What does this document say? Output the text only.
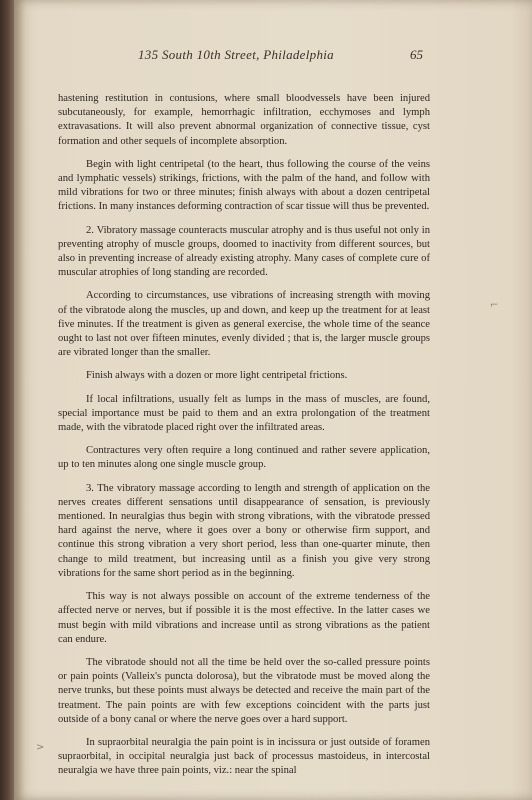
135 South 10th Street, Philadelphia	65

hastening restitution in contusions, where small bloodvessels have been injured subcutaneously, for example, hemorrhagic infiltration, ecchymoses and lymph extravasations. It will also prevent abnormal organization of connective tissue, cyst formation and other sequels of incomplete absorption.

Begin with light centripetal (to the heart, thus following the course of the veins and lymphatic vessels) strikings, frictions, with the palm of the hand, and follow with mild vibrations for two or three minutes; finish always with about a dozen centripetal frictions. In many instances deforming contraction of scar tissue will thus be prevented.

2. Vibratory massage counteracts muscular atrophy and is thus useful not only in preventing atrophy of muscle groups, doomed to inactivity from different sources, but also in preventing increase of already existing atrophy. Many cases of complete cure of muscular atrophies of long standing are recorded.

According to circumstances, use vibrations of increasing strength with moving of the vibratode along the muscles, up and down, and keep up the treatment for at least five minutes. If the treatment is given as general exercise, the whole time of the seance ought to last not over fifteen minutes, evenly divided ; that is, the larger muscle groups are vibrated longer than the smaller.

Finish always with a dozen or more light centripetal frictions.

If local infiltrations, usually felt as lumps in the mass of muscles, are found, special importance must be paid to them and an extra prolongation of the treatment made, with the vibratode placed right over the infiltrated areas.

Contractures very often require a long continued and rather severe application, up to ten minutes along one single muscle group.

3. The vibratory massage according to length and strength of application on the nerves creates different sensations until disappearance of sensation, is previously mentioned. In neuralgias thus begin with strong vibrations, with the vibratode pressed hard against the nerve, where it goes over a bony or otherwise firm support, and continue this strong vibration a very short period, less than one-quarter minute, then change to mild treatment, but increasing until as a finish you give very strong vibrations for the same short period as in the beginning.

This way is not always possible on account of the extreme tenderness of the affected nerve or nerves, but if possible it is the most effective. In the latter cases we must begin with mild vibrations and increase until as strong vibrations as the patient can endure.

The vibratode should not all the time be held over the so-called pressure points or pain points (Valleix's puncta dolorosa), but the vibratode must be moved along the nerve trunks, but these points must always be detected and receive the main part of the treatment. The pain points are with few exceptions coincident with the parts just outside of a bony canal or where the nerve goes over a hard support.

In supraorbital neuralgia the pain point is in incissura or just outside of foramen supraorbital, in occipital neuralgia just back of processus mastoideus, in intercostal neuralgia we have three pain points, viz.: near the spinal

⌐
>
